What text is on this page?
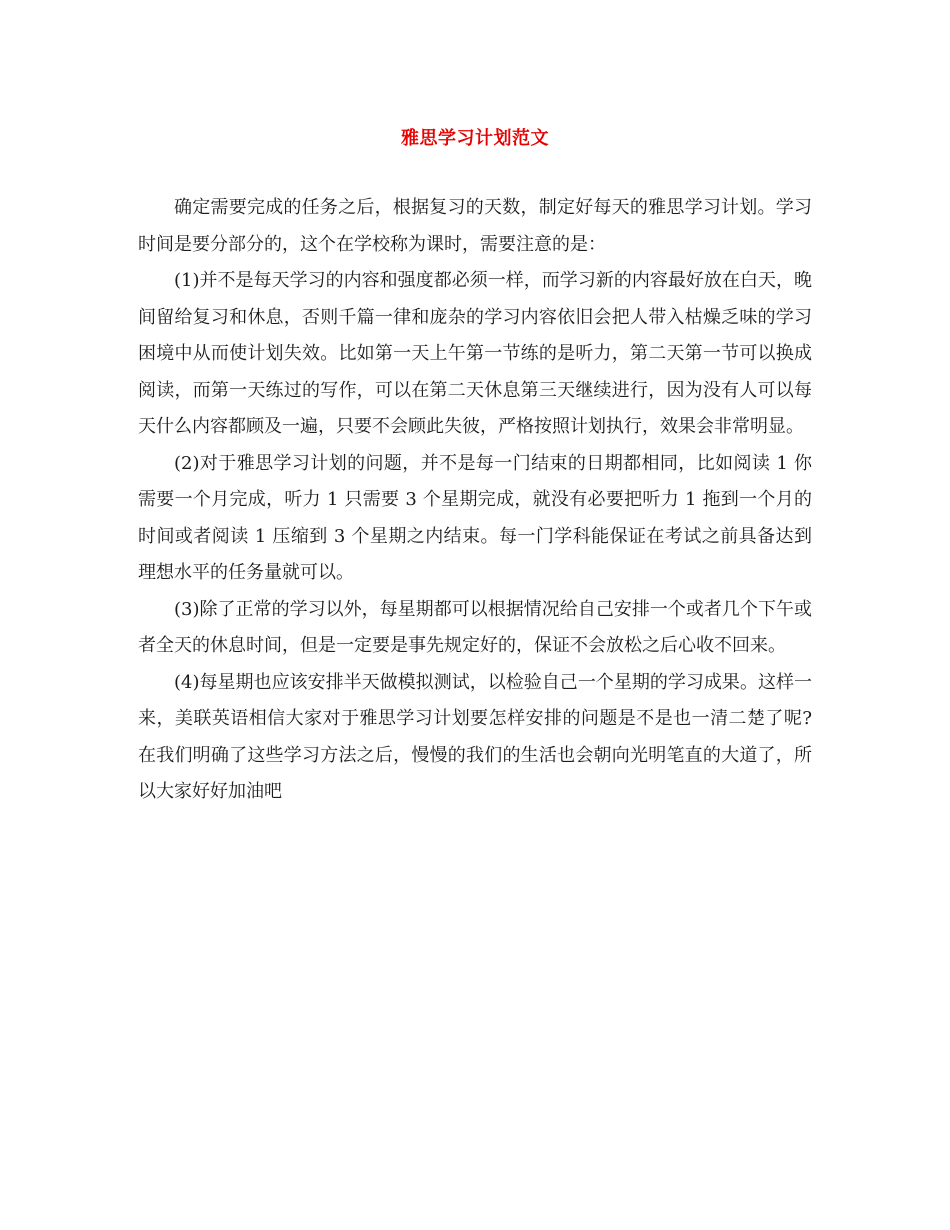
雅思学习计划范文

确定需要完成的任务之后，根据复习的天数，制定好每天的雅思学习计划。学习时间是要分部分的，这个在学校称为课时，需要注意的是：

(1)并不是每天学习的内容和强度都必须一样，而学习新的内容最好放在白天，晚间留给复习和休息，否则千篇一律和庞杂的学习内容依旧会把人带入枯燥乏味的学习困境中从而使计划失效。比如第一天上午第一节练的是听力，第二天第一节可以换成阅读，而第一天练过的写作，可以在第二天休息第三天继续进行，因为没有人可以每天什么内容都顾及一遍，只要不会顾此失彼，严格按照计划执行，效果会非常明显。

(2)对于雅思学习计划的问题，并不是每一门结束的日期都相同，比如阅读 1 你需要一个月完成，听力 1 只需要 3 个星期完成，就没有必要把听力 1 拖到一个月的时间或者阅读 1 压缩到 3 个星期之内结束。每一门学科能保证在考试之前具备达到理想水平的任务量就可以。

(3)除了正常的学习以外，每星期都可以根据情况给自己安排一个或者几个下午或者全天的休息时间，但是一定要是事先规定好的，保证不会放松之后心收不回来。

(4)每星期也应该安排半天做模拟测试，以检验自己一个星期的学习成果。这样一来，美联英语相信大家对于雅思学习计划要怎样安排的问题是不是也一清二楚了呢?在我们明确了这些学习方法之后，慢慢的我们的生活也会朝向光明笔直的大道了，所以大家好好加油吧
